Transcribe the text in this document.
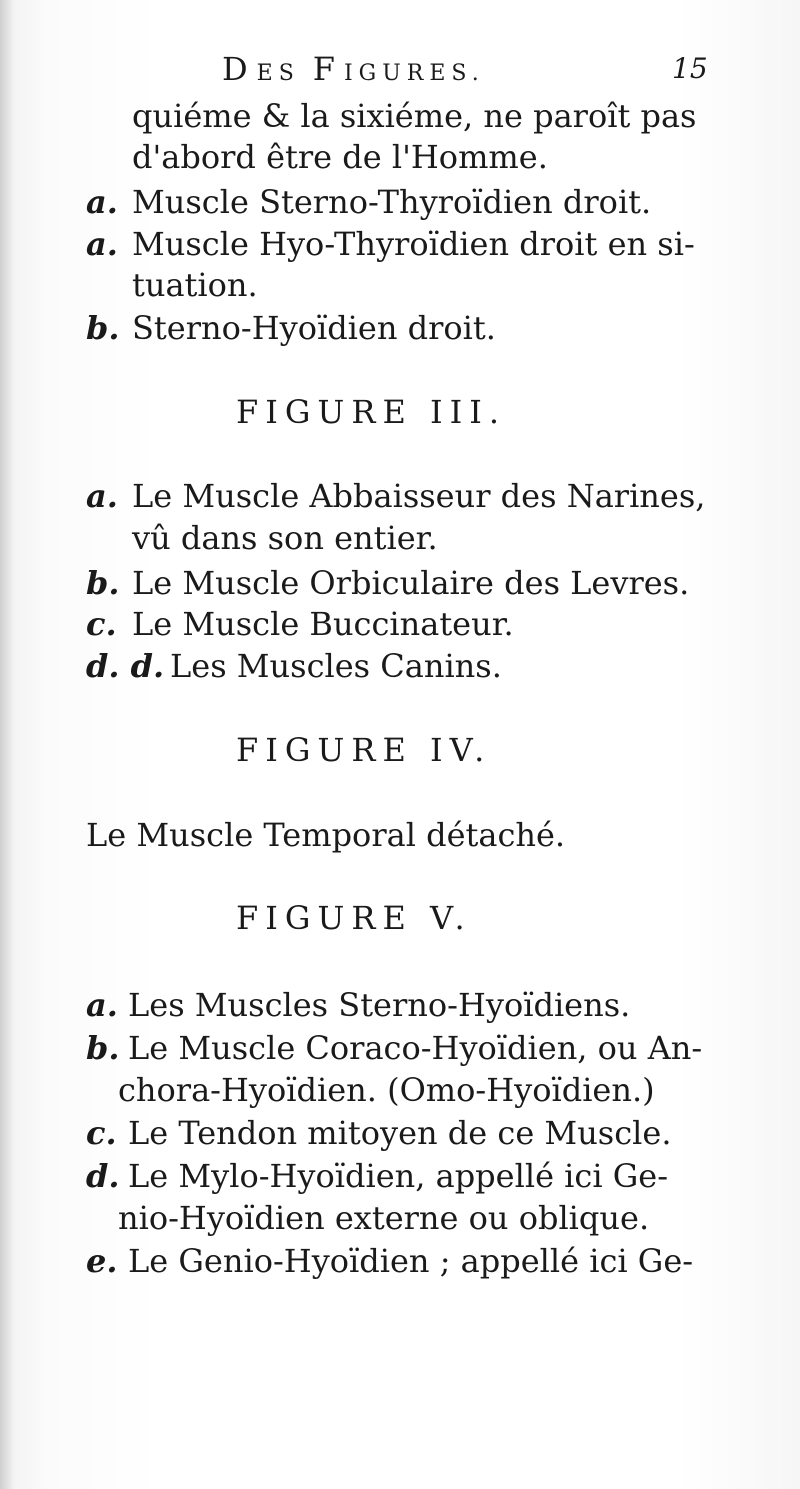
DES FIGURES.	15
quiéme & la sixiéme, ne paroît pas
d'abord être de l'Homme.
a. Muscle Sterno-Thyroïdien droit.
a. Muscle Hyo-Thyroïdien droit en si-
tuation.
b. Sterno-Hyoïdien droit.
FIGURE III.
a. Le Muscle Abbaisseur des Narines,
vû dans son entier.
b. Le Muscle Orbiculaire des Levres.
c. Le Muscle Buccinateur.
d. d. Les Muscles Canins.
FIGURE IV.
Le Muscle Temporal détaché.
FIGURE V.
a. Les Muscles Sterno-Hyoïdiens.
b. Le Muscle Coraco-Hyoïdien, ou An-
chora-Hyoïdien. (Omo-Hyoïdien.)
c. Le Tendon mitoyen de ce Muscle.
d. Le Mylo-Hyoïdien, appellé ici Ge-
nio-Hyoïdien externe ou oblique.
e. Le Genio-Hyoïdien ; appellé ici Ge-
